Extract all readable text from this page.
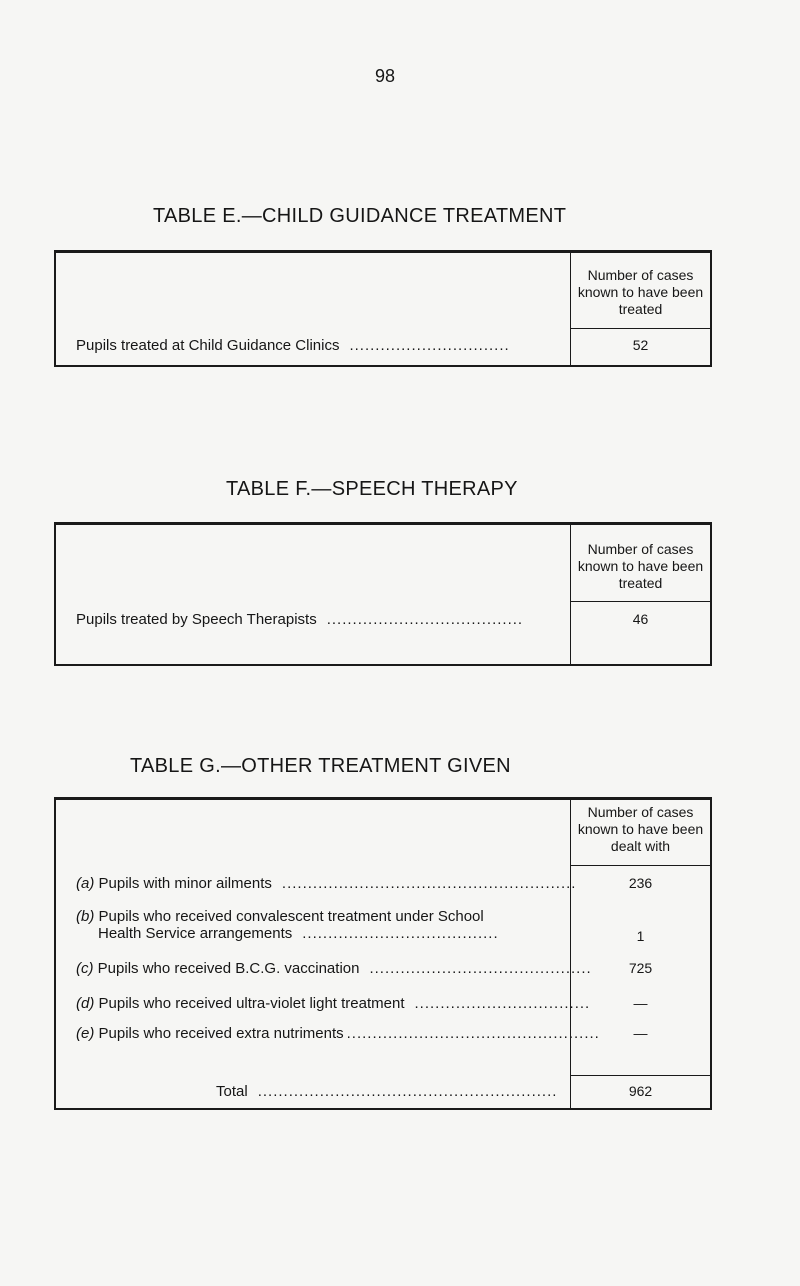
98
TABLE E.—CHILD GUIDANCE TREATMENT
Number of cases known to have been treated
Pupils treated at Child Guidance Clinics ...............................	52
TABLE F.—SPEECH THERAPY
Number of cases known to have been treated
Pupils treated by Speech Therapists ......................................	46
TABLE G.—OTHER TREATMENT GIVEN
Number of cases known to have been dealt with
(a) Pupils with minor ailments .........................................................	236
(b) Pupils who received convalescent treatment under School
Health Service arrangements ......................................	1
(c) Pupils who received B.C.G. vaccination ...........................................	725
(d) Pupils who received ultra-violet light treatment ..................................	—
(e) Pupils who received extra nutriments .................................................	—
Total ..........................................................	962
